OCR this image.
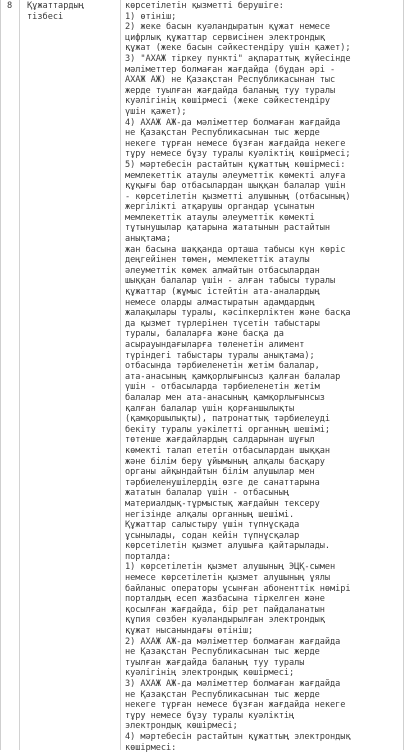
8	Құжаттардың
тізбесі
көрсетілетін қызметті берушіге:
1) өтініш;
2) жеке басын куәландыратын құжат немесе
цифрлық құжаттар сервисінен электрондық
құжат (жеке басын сәйкестендіру үшін қажет);
3) "АХАЖ тіркеу пункті" ақпараттық жүйесінде
мәліметтер болмаған жағдайда (бұдан әрі -
АХАЖ АЖ) не Қазақстан Республикасынан тыс
жерде туылған жағдайда баланың туу туралы
куәлігінің көшірмесі (жеке сәйкестендіру
үшін қажет);
4) АХАЖ АЖ-да мәліметтер болмаған жағдайда
не Қазақстан Республикасынан тыс жерде
некеге тұрған немесе бұзған жағдайда некеге
тұру немесе бұзу туралы куәліктің көшірмесі;
5) мәртебесін растайтын құжаттың көшірмесі:
мемлекеттік атаулы әлеуметтік көмекті алуға
құқығы бар отбасылардан шыққан балалар үшін
- көрсетілетін қызметті алушының (отбасының)
жергілікті атқарушы органдар ұсынатын
мемлекеттік атаулы әлеуметтік көмекті
тұтынушылар қатарына жататынын растайтын
анықтама;
жан басына шаққанда орташа табысы күн көріс
деңгейінен төмен, мемлекеттік атаулы
әлеуметтік көмек алмайтын отбасылардан
шыққан балалар үшін - алған табысы туралы
құжаттар (жұмыс істейтін ата-аналардың
немесе оларды алмастыратын адамдардың
жалақылары туралы, кәсіпкерліктен және басқа
да қызмет түрлерінен түсетін табыстары
туралы, балаларға және басқа да
асырауындағыларға төленетін алимент
түріндегі табыстары туралы анықтама);
отбасында тәрбиеленетін жетім балалар,
ата-анасының қамқорлығынсыз қалған балалар
үшін - отбасыларда тәрбиеленетін жетім
балалар мен ата-анасының қамқорлығынсыз
қалған балалар үшін қорғаншылықты
(қамқоршылықты), патронаттық тәрбиелеуді
бекіту туралы уәкілетті органның шешімі;
төтенше жағдайлардың салдарынан шұғыл
көмекті талап ететін отбасылардан шыққан
және білім беру ұйымының алқалы басқару
органы айқындайтын білім алушылар мен
тәрбиеленушілердің өзге де санаттарына
жататын балалар үшін - отбасының
материалдық-тұрмыстық жағдайын тексеру
негізінде алқалы органның шешімі.
Құжаттар салыстыру үшін түпнұсқада
ұсынылады, содан кейін түпнұсқалар
көрсетілетін қызмет алушыға қайтарылады.
порталда:
1) көрсетілетін қызмет алушының ЭЦҚ-сымен
немесе көрсетілетін қызмет алушының ұялы
байланыс операторы ұсынған абоненттік нөмірі
порталдың есеп жазбасына тіркелген және
қосылған жағдайда, бір рет пайдаланатын
құпия сөзбен куәландырылған электрондық
құжат нысанындағы өтініш;
2) АХАЖ АЖ-да мәліметтер болмаған жағдайда
не Қазақстан Республикасынан тыс жерде
туылған жағдайда баланың туу туралы
куәлігінің электрондық көшірмесі;
3) АХАЖ АЖ-да мәліметтер болмаған жағдайда
не Қазақстан Республикасынан тыс жерде
некеге тұрған немесе бұзған жағдайда некеге
тұру немесе бұзу туралы куәліктің
электрондық көшірмесі;
4) мәртебесін растайтын құжаттың электрондық
көшірмесі:
